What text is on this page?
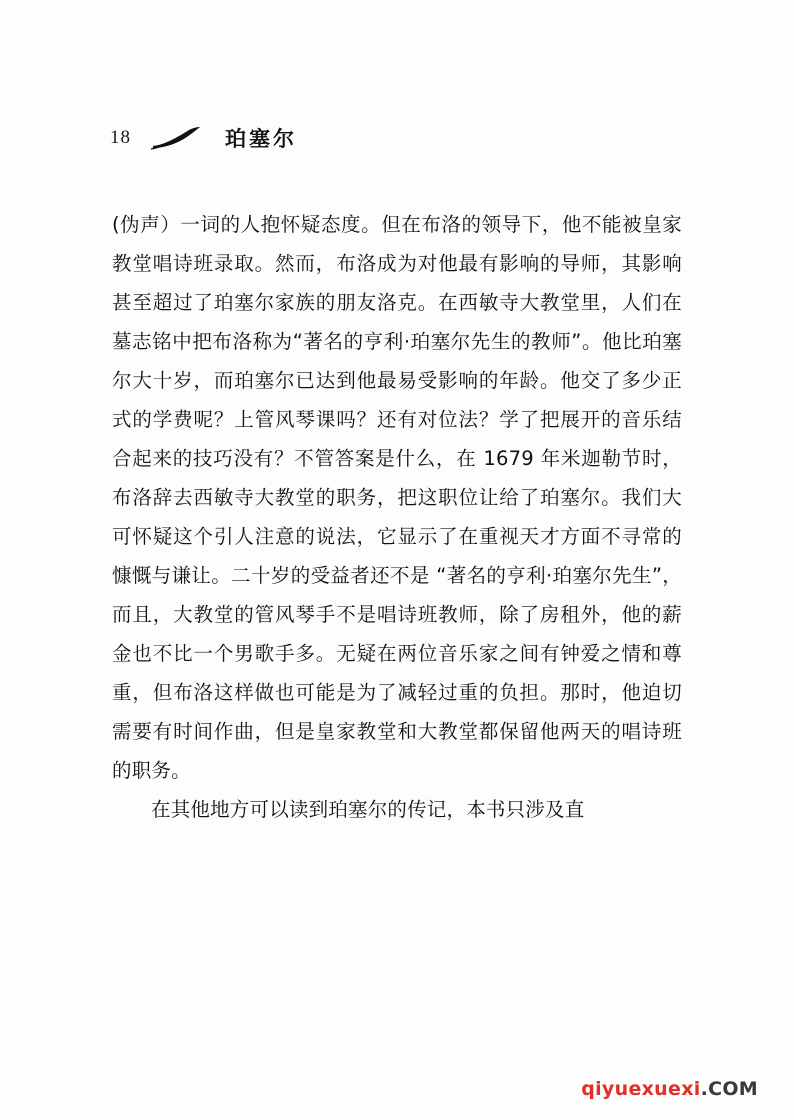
18	珀塞尔

(伪声）一词的人抱怀疑态度。但在布洛的领导下，他不能被皇家教堂唱诗班录取。然而，布洛成为对他最有影响的导师，其影响甚至超过了珀塞尔家族的朋友洛克。在西敏寺大教堂里，人们在墓志铭中把布洛称为“著名的亨利·珀塞尔先生的教师”。他比珀塞尔大十岁，而珀塞尔已达到他最易受影响的年龄。他交了多少正式的学费呢？上管风琴课吗？还有对位法？学了把展开的音乐结合起来的技巧没有？不管答案是什么，在 1679 年米迦勒节时，布洛辞去西敏寺大教堂的职务，把这职位让给了珀塞尔。我们大可怀疑这个引人注意的说法，它显示了在重视天才方面不寻常的慷慨与谦让。二十岁的受益者还不是 “著名的亨利·珀塞尔先生”，而且，大教堂的管风琴手不是唱诗班教师，除了房租外，他的薪金也不比一个男歌手多。无疑在两位音乐家之间有钟爱之情和尊重，但布洛这样做也可能是为了减轻过重的负担。那时，他迫切需要有时间作曲，但是皇家教堂和大教堂都保留他两天的唱诗班的职务。

在其他地方可以读到珀塞尔的传记，本书只涉及直

qiyuexuexi.COM
